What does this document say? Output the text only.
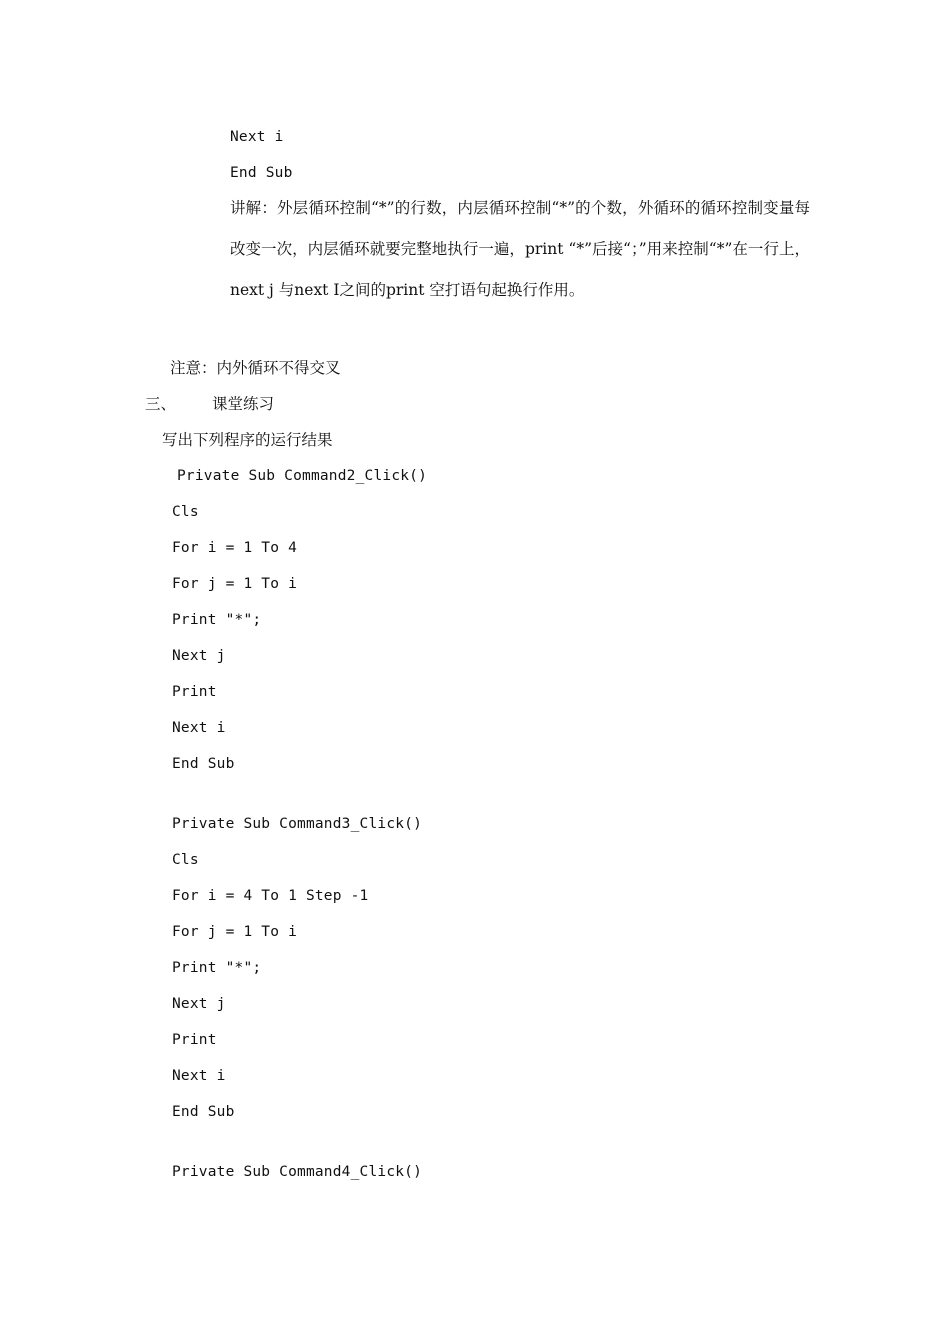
Next i
End Sub
讲解：外层循环控制“*”的行数，内层循环控制“*”的个数，外循环的循环控制变量每改变一次，内层循环就要完整地执行一遍，print “*”后接“；”用来控制“*”在一行上，next j 与next I之间的print 空打语句起换行作用。
注意：内外循环不得交叉
三、 课堂练习
写出下列程序的运行结果
Private Sub Command2_Click()
Cls
For i = 1 To 4
For j = 1 To i
Print "*";
Next j
Print
Next i
End Sub
Private Sub Command3_Click()
Cls
For i = 4 To 1 Step -1
For j = 1 To i
Print "*";
Next j
Print
Next i
End Sub
Private Sub Command4_Click()
